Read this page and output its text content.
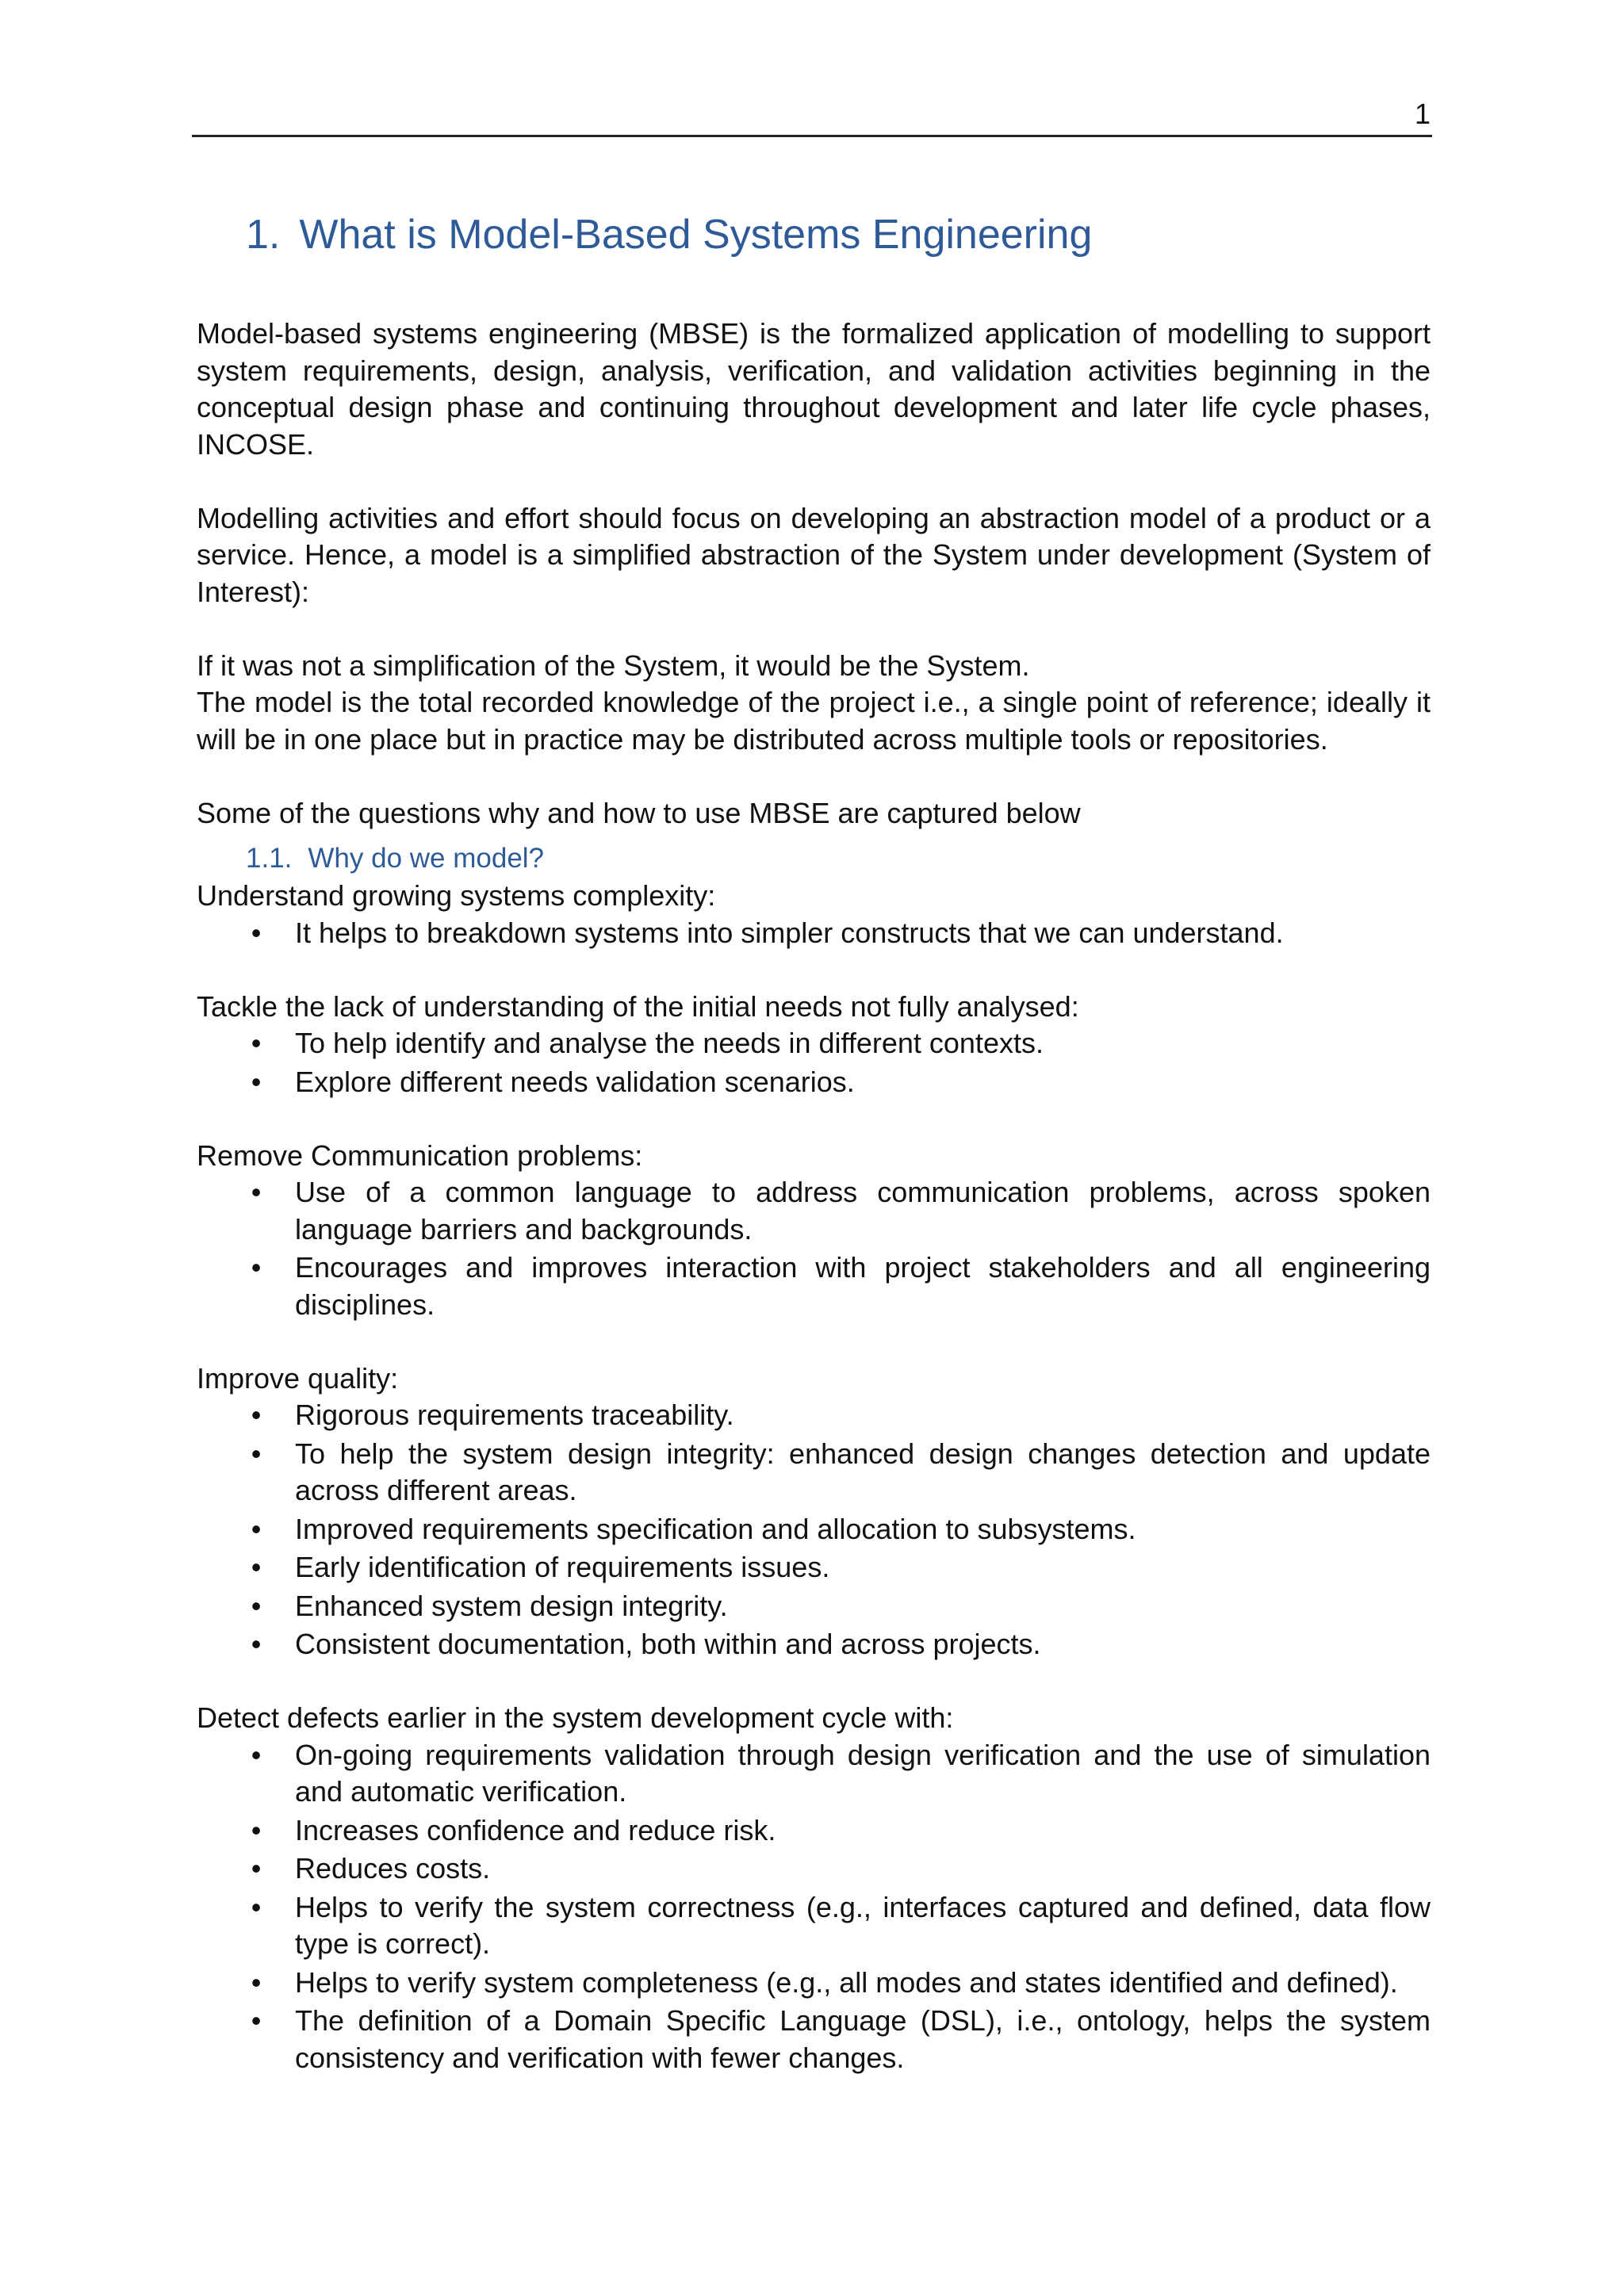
1
1. What is Model-Based Systems Engineering

Model-based systems engineering (MBSE) is the formalized application of modelling to support system requirements, design, analysis, verification, and validation activities beginning in the conceptual design phase and continuing throughout development and later life cycle phases, INCOSE.

Modelling activities and effort should focus on developing an abstraction model of a product or a service. Hence, a model is a simplified abstraction of the System under development (System of Interest):

If it was not a simplification of the System, it would be the System.

The model is the total recorded knowledge of the project i.e., a single point of reference; ideally it will be in one place but in practice may be distributed across multiple tools or repositories.

Some of the questions why and how to use MBSE are captured below

1.1. Why do we model?

Understand growing systems complexity:

• It helps to breakdown systems into simpler constructs that we can understand.

Tackle the lack of understanding of the initial needs not fully analysed:

• To help identify and analyse the needs in different contexts.
• Explore different needs validation scenarios.

Remove Communication problems:

• Use of a common language to address communication problems, across spoken language barriers and backgrounds.
• Encourages and improves interaction with project stakeholders and all engineering disciplines.

Improve quality:

• Rigorous requirements traceability.
• To help the system design integrity: enhanced design changes detection and update across different areas.
• Improved requirements specification and allocation to subsystems.
• Early identification of requirements issues.
• Enhanced system design integrity.
• Consistent documentation, both within and across projects.

Detect defects earlier in the system development cycle with:

• On-going requirements validation through design verification and the use of simulation and automatic verification.
• Increases confidence and reduce risk.
• Reduces costs.
• Helps to verify the system correctness (e.g., interfaces captured and defined, data flow type is correct).
• Helps to verify system completeness (e.g., all modes and states identified and defined).
• The definition of a Domain Specific Language (DSL), i.e., ontology, helps the system consistency and verification with fewer changes.
